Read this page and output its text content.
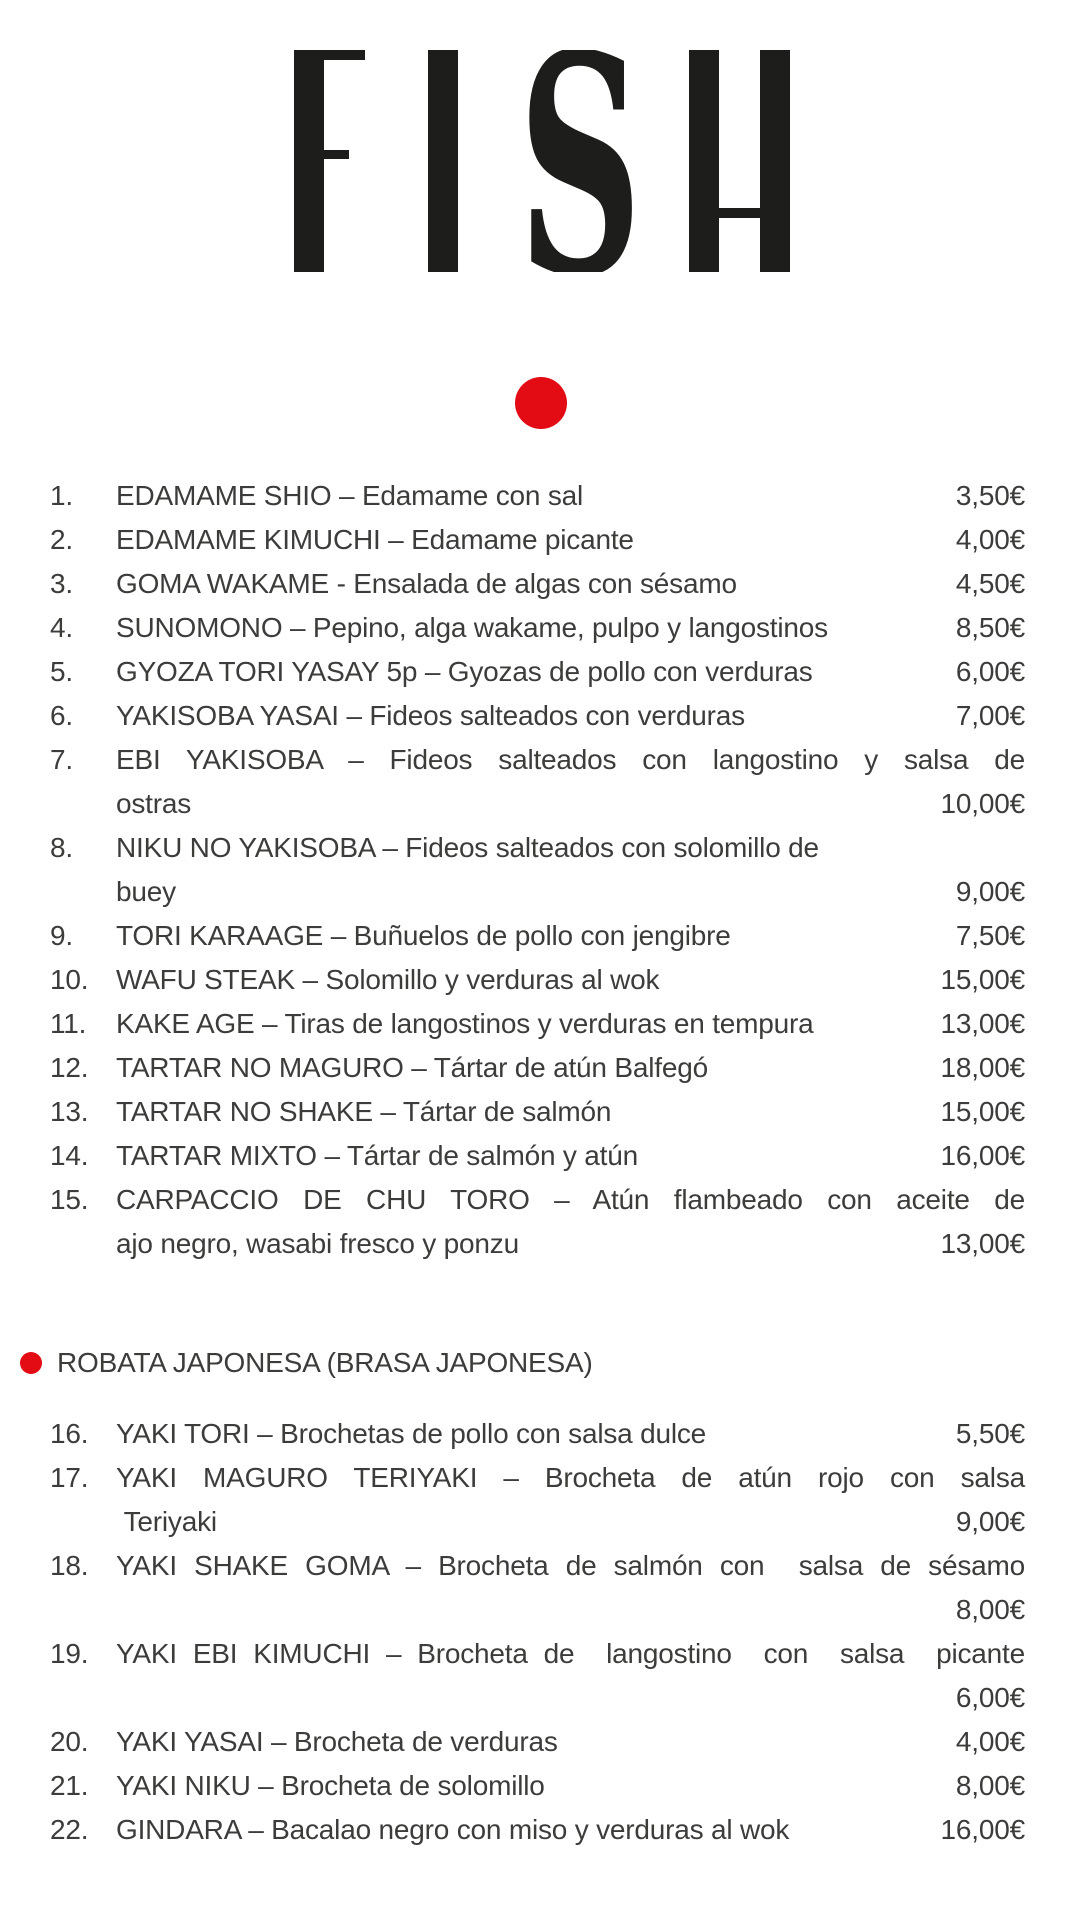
S
1.	EDAMAME SHIO – Edamame con sal	3,50€
2.	EDAMAME KIMUCHI – Edamame picante	4,00€
3.	GOMA WAKAME - Ensalada de algas con sésamo	4,50€
4.	SUNOMONO – Pepino, alga wakame, pulpo y langostinos	8,50€
5.	GYOZA TORI YASAY 5p – Gyozas de pollo con verduras	6,00€
6.	YAKISOBA YASAI – Fideos salteados con verduras	7,00€
7.	EBI YAKISOBA – Fideos salteados con langostino y salsa de
ostras	10,00€
8.	NIKU NO YAKISOBA – Fideos salteados con solomillo de
buey	9,00€
9.	TORI KARAAGE – Buñuelos de pollo con jengibre	7,50€
10. WAFU STEAK – Solomillo y verduras al wok	15,00€
11.	KAKE AGE – Tiras de langostinos y verduras en tempura	13,00€
12. TARTAR NO MAGURO – Tártar de atún Balfegó	18,00€
13. TARTAR NO SHAKE – Tártar de salmón	15,00€
14. TARTAR MIXTO – Tártar de salmón y atún	16,00€
15. CARPACCIO DE CHU TORO – Atún flambeado con aceite de
ajo negro, wasabi fresco y ponzu	13,00€
ROBATA JAPONESA (BRASA JAPONESA)
16. YAKI TORI – Brochetas de pollo con salsa dulce	5,50€
17. YAKI MAGURO TERIYAKI – Brocheta de atún rojo con salsa
Teriyaki	9,00€
18. YAKI SHAKE GOMA – Brocheta de salmón con  salsa de sésamo
8,00€
19. YAKI EBI KIMUCHI – Brocheta de  langostino  con  salsa  picante
6,00€
20. YAKI YASAI – Brocheta de verduras	4,00€
21. YAKI NIKU – Brocheta de solomillo	8,00€
22. GINDARA – Bacalao negro con miso y verduras al wok	16,00€
